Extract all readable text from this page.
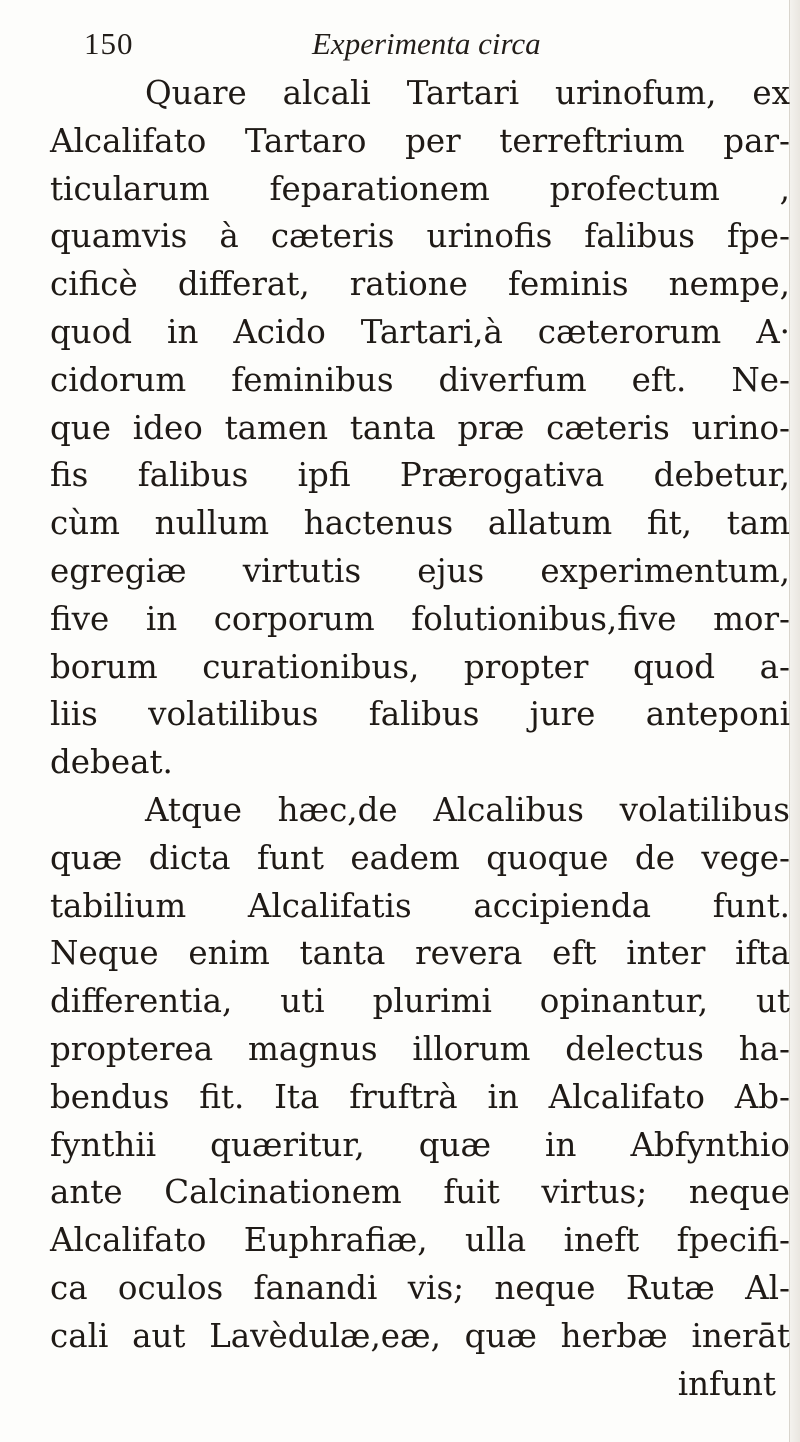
150	Experimenta circa
Quare alcali Tartari urinofum, ex
Alcalifato Tartaro per terreftrium par-
ticularum feparationem profectum ,
quamvis à cæteris urinofis falibus fpe-
cificè differat, ratione feminis nempe,
quod in Acido Tartari,à cæterorum A·
cidorum feminibus diverfum eft. Ne-
que ideo tamen tanta præ cæteris urino-
fis falibus ipfi Prærogativa debetur,
cùm nullum hactenus allatum fit, tam
egregiæ virtutis ejus experimentum,
five in corporum folutionibus,five mor-
borum curationibus, propter quod a-
liis volatilibus falibus jure anteponi
debeat.
Atque hæc,de Alcalibus volatilibus
quæ dicta funt eadem quoque de vege-
tabilium Alcalifatis accipienda funt.
Neque enim tanta revera eft inter ifta
differentia, uti plurimi opinantur, ut
propterea magnus illorum delectus ha-
bendus fit. Ita fruftrà in Alcalifato Ab-
fynthii quæritur, quæ in Abfynthio
ante Calcinationem fuit virtus; neque
Alcalifato Euphrafiæ, ulla ineft fpecifi-
ca oculos fanandi vis; neque Rutæ Al-
cali aut Lavèdulæ,eæ, quæ herbæ inerāt
infunt
